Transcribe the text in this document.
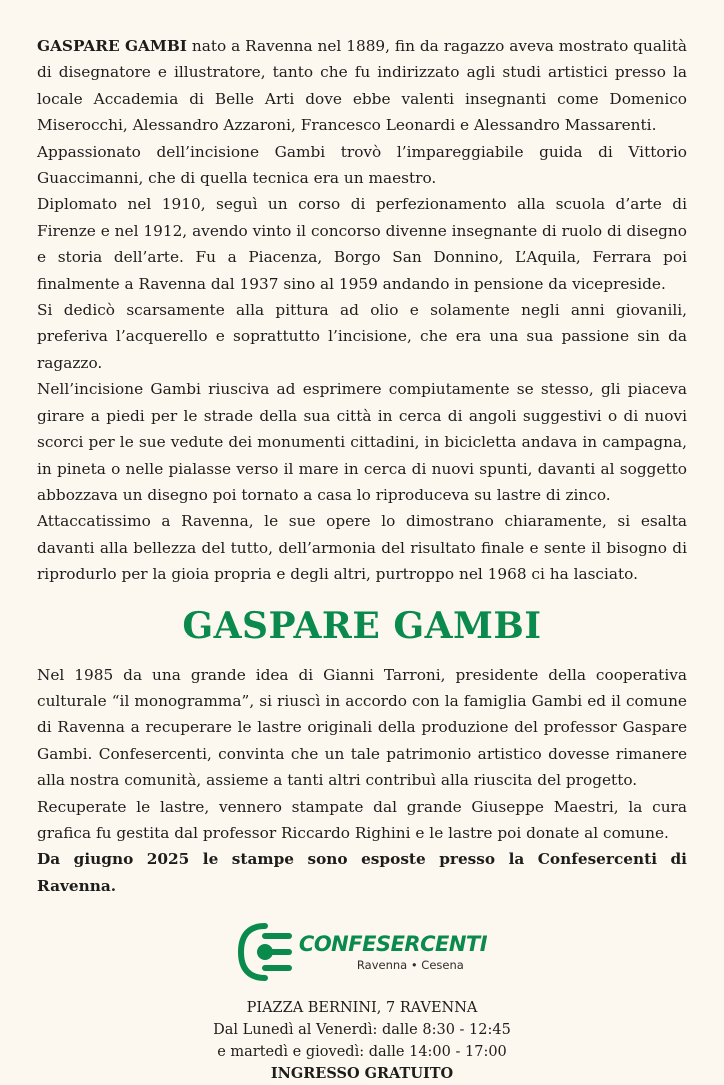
GASPARE GAMBI nato a Ravenna nel 1889, fin da ragazzo aveva mostrato qualità di disegnatore e illustratore, tanto che fu indirizzato agli studi artistici presso la locale Accademia di Belle Arti dove ebbe valenti insegnanti come Domenico Miserocchi, Alessandro Azzaroni, Francesco Leonardi e Alessandro Massarenti.

Appassionato dell’incisione Gambi trovò l’impareggiabile guida di Vittorio Guaccimanni, che di quella tecnica era un maestro.

Diplomato nel 1910, seguì un corso di perfezionamento alla scuola d’arte di Firenze e nel 1912, avendo vinto il concorso divenne insegnante di ruolo di disegno e storia dell’arte. Fu a Piacenza, Borgo San Donnino, L’Aquila, Ferrara poi finalmente a Ravenna dal 1937 sino al 1959 andando in pensione da vicepreside.

Si dedicò scarsamente alla pittura ad olio e solamente negli anni giovanili, preferiva l’acquerello e soprattutto l’incisione, che era una sua passione sin da ragazzo.

Nell’incisione Gambi riusciva ad esprimere compiutamente se stesso, gli piaceva girare a piedi per le strade della sua città in cerca di angoli suggestivi o di nuovi scorci per le sue vedute dei monumenti cittadini, in bicicletta andava in campagna, in pineta o nelle pialasse verso il mare in cerca di nuovi spunti, davanti al soggetto abbozzava un disegno poi tornato a casa lo riproduceva su lastre di zinco.

Attaccatissimo a Ravenna, le sue opere lo dimostrano chiaramente, si esalta davanti alla bellezza del tutto, dell’armonia del risultato finale e sente il bisogno di riprodurlo per la gioia propria e degli altri, purtroppo nel 1968 ci ha lasciato.

GASPARE GAMBI

Nel 1985 da una grande idea di Gianni Tarroni, presidente della cooperativa culturale “il monogramma”, si riuscì in accordo con la famiglia Gambi ed il comune di Ravenna a recuperare le lastre originali della produzione del professor Gaspare Gambi. Confesercenti, convinta che un tale patrimonio artistico dovesse rimanere alla nostra comunità, assieme a tanti altri contribuì alla riuscita del progetto.

Recuperate le lastre, vennero stampate dal grande Giuseppe Maestri, la cura grafica fu gestita dal professor Riccardo Righini e le lastre poi donate al comune.

Da giugno 2025 le stampe sono esposte presso la Confesercenti di Ravenna.

CONFESERCENTI
Ravenna • Cesena
PIAZZA BERNINI, 7 RAVENNA
Dal Lunedì al Venerdì: dalle 8:30 - 12:45
e martedì e giovedì: dalle 14:00 - 17:00
INGRESSO GRATUITO
